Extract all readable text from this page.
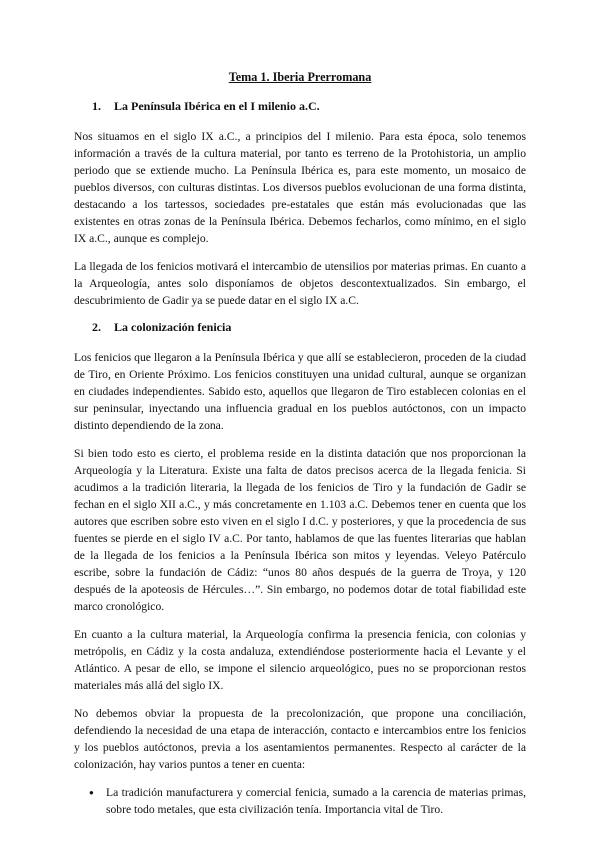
Tema 1. Iberia Prerromana
1. La Península Ibérica en el I milenio a.C.

Nos situamos en el siglo IX a.C., a principios del I milenio. Para esta época, solo tenemos información a través de la cultura material, por tanto es terreno de la Protohistoria, un amplio periodo que se extiende mucho. La Península Ibérica es, para este momento, un mosaico de pueblos diversos, con culturas distintas. Los diversos pueblos evolucionan de una forma distinta, destacando a los tartessos, sociedades pre-estatales que están más evolucionadas que las existentes en otras zonas de la Península Ibérica. Debemos fecharlos, como mínimo, en el siglo IX a.C., aunque es complejo.

La llegada de los fenicios motivará el intercambio de utensilios por materias primas. En cuanto a la Arqueología, antes solo disponíamos de objetos descontextualizados. Sin embargo, el descubrimiento de Gadir ya se puede datar en el siglo IX a.C.

2. La colonización fenicia

Los fenicios que llegaron a la Península Ibérica y que allí se establecieron, proceden de la ciudad de Tiro, en Oriente Próximo. Los fenicios constituyen una unidad cultural, aunque se organizan en ciudades independientes. Sabido esto, aquellos que llegaron de Tiro establecen colonias en el sur peninsular, inyectando una influencia gradual en los pueblos autóctonos, con un impacto distinto dependiendo de la zona.

Si bien todo esto es cierto, el problema reside en la distinta datación que nos proporcionan la Arqueología y la Literatura. Existe una falta de datos precisos acerca de la llegada fenicia. Si acudimos a la tradición literaria, la llegada de los fenicios de Tiro y la fundación de Gadir se fechan en el siglo XII a.C., y más concretamente en 1.103 a.C. Debemos tener en cuenta que los autores que escriben sobre esto viven en el siglo I d.C. y posteriores, y que la procedencia de sus fuentes se pierde en el siglo IV a.C. Por tanto, hablamos de que las fuentes literarias que hablan de la llegada de los fenicios a la Península Ibérica son mitos y leyendas. Veleyo Patérculo escribe, sobre la fundación de Cádiz: “unos 80 años después de la guerra de Troya, y 120 después de la apoteosis de Hércules…”. Sin embargo, no podemos dotar de total fiabilidad este marco cronológico.

En cuanto a la cultura material, la Arqueología confirma la presencia fenicia, con colonias y metrópolis, en Cádiz y la costa andaluza, extendiéndose posteriormente hacia el Levante y el Atlántico. A pesar de ello, se impone el silencio arqueológico, pues no se proporcionan restos materiales más allá del siglo IX.

No debemos obviar la propuesta de la precolonización, que propone una conciliación, defendiendo la necesidad de una etapa de interacción, contacto e intercambios entre los fenicios y los pueblos autóctonos, previa a los asentamientos permanentes. Respecto al carácter de la colonización, hay varios puntos a tener en cuenta:

● La tradición manufacturera y comercial fenicia, sumado a la carencia de materias primas, sobre todo metales, que esta civilización tenía. Importancia vital de Tiro.
